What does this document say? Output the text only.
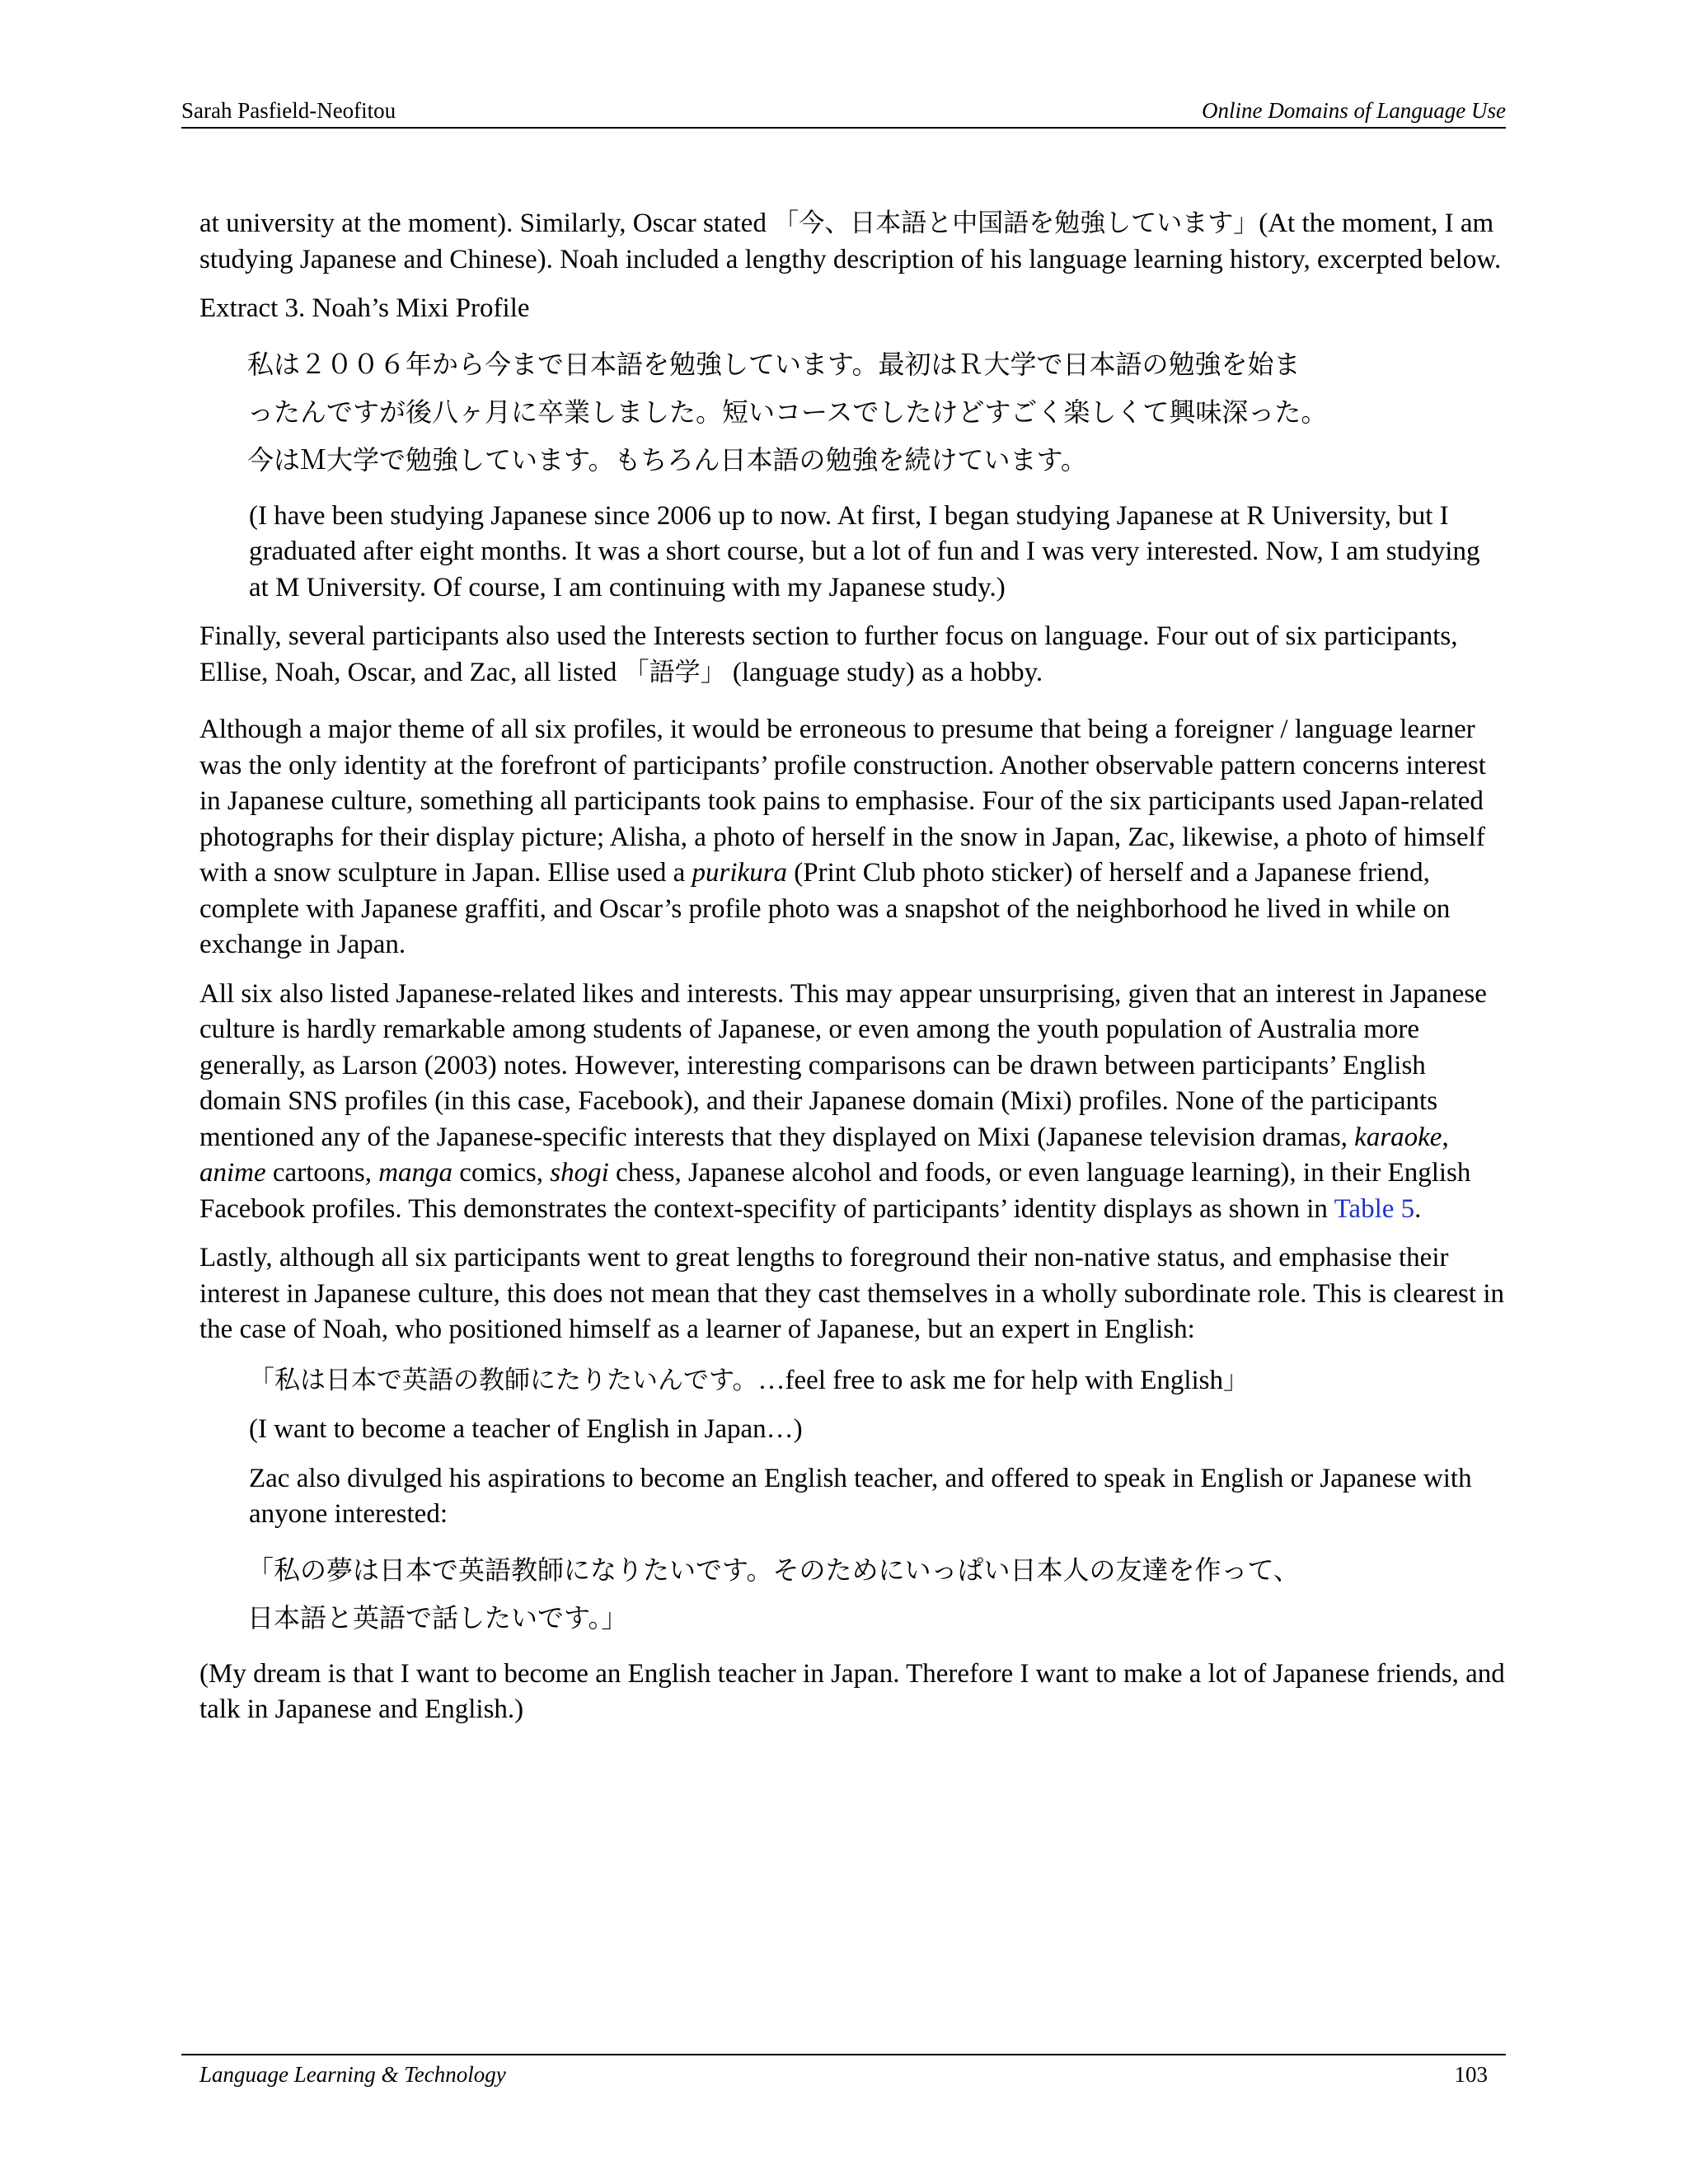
Sarah Pasfield-Neofitou	Online Domains of Language Use

at university at the moment). Similarly, Oscar stated 「今、日本語と中国語を勉強しています」(At the moment, I am studying Japanese and Chinese). Noah included a lengthy description of his language learning history, excerpted below.

Extract 3. Noah’s Mixi Profile

私は２００６年から今まで日本語を勉強しています。最初はＲ大学で日本語の勉強を始ま
ったんですが後八ヶ月に卒業しました。短いコースでしたけどすごく楽しくて興味深った。
今はＭ大学で勉強しています。もちろん日本語の勉強を続けています。

(I have been studying Japanese since 2006 up to now. At first, I began studying Japanese at R University, but I graduated after eight months. It was a short course, but a lot of fun and I was very interested. Now, I am studying at M University. Of course, I am continuing with my Japanese study.)

Finally, several participants also used the Interests section to further focus on language. Four out of six participants, Ellise, Noah, Oscar, and Zac, all listed 「語学」 (language study) as a hobby.

Although a major theme of all six profiles, it would be erroneous to presume that being a foreigner / language learner was the only identity at the forefront of participants’ profile construction. Another observable pattern concerns interest in Japanese culture, something all participants took pains to emphasise. Four of the six participants used Japan-related photographs for their display picture; Alisha, a photo of herself in the snow in Japan, Zac, likewise, a photo of himself with a snow sculpture in Japan. Ellise used a purikura (Print Club photo sticker) of herself and a Japanese friend, complete with Japanese graffiti, and Oscar’s profile photo was a snapshot of the neighborhood he lived in while on exchange in Japan.

All six also listed Japanese-related likes and interests. This may appear unsurprising, given that an interest in Japanese culture is hardly remarkable among students of Japanese, or even among the youth population of Australia more generally, as Larson (2003) notes. However, interesting comparisons can be drawn between participants’ English domain SNS profiles (in this case, Facebook), and their Japanese domain (Mixi) profiles. None of the participants mentioned any of the Japanese-specific interests that they displayed on Mixi (Japanese television dramas, karaoke, anime cartoons, manga comics, shogi chess, Japanese alcohol and foods, or even language learning), in their English Facebook profiles. This demonstrates the context-specifity of participants’ identity displays as shown in Table 5.

Lastly, although all six participants went to great lengths to foreground their non-native status, and emphasise their interest in Japanese culture, this does not mean that they cast themselves in a wholly subordinate role. This is clearest in the case of Noah, who positioned himself as a learner of Japanese, but an expert in English:

「私は日本で英語の教師にたりたいんです。…feel free to ask me for help with English」

(I want to become a teacher of English in Japan…)

Zac also divulged his aspirations to become an English teacher, and offered to speak in English or Japanese with anyone interested:

「私の夢は日本で英語教師になりたいです。そのためにいっぱい日本人の友達を作って、
日本語と英語で話したいです。」

(My dream is that I want to become an English teacher in Japan. Therefore I want to make a lot of Japanese friends, and talk in Japanese and English.)

Language Learning & Technology	103
